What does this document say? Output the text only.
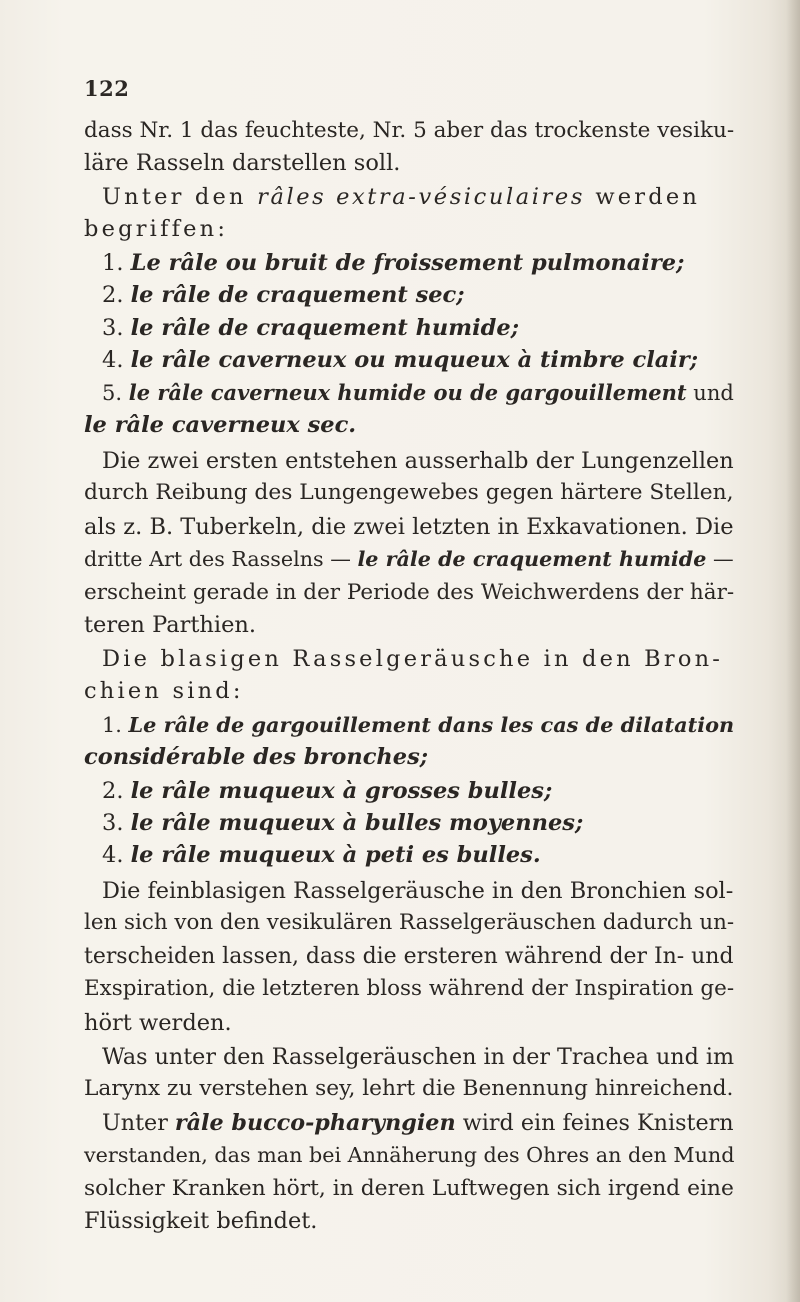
122
dass Nr. 1 das feuchteste, Nr. 5 aber das trockenste vesiku-
läre Rasseln darstellen soll.
Unter den râles extra-vésiculaires werden
begriffen:
1. Le râle ou bruit de froissement pulmonaire;
2. le râle de craquement sec;
3. le râle de craquement humide;
4. le râle caverneux ou muqueux à timbre clair;
5. le râle caverneux humide ou de gargouillement und
le râle caverneux sec.
Die zwei ersten entstehen ausserhalb der Lungenzellen
durch Reibung des Lungengewebes gegen härtere Stellen,
als z. B. Tuberkeln, die zwei letzten in Exkavationen. Die
dritte Art des Rasselns — le râle de craquement humide —
erscheint gerade in der Periode des Weichwerdens der här-
teren Parthien.
Die blasigen Rasselgeräusche in den Bron-
chien sind:
1. Le râle de gargouillement dans les cas de dilatation
considérable des bronches;
2. le râle muqueux à grosses bulles;
3. le râle muqueux à bulles moyennes;
4. le râle muqueux à peti es bulles.
Die feinblasigen Rasselgeräusche in den Bronchien sol-
len sich von den vesikulären Rasselgeräuschen dadurch un-
terscheiden lassen, dass die ersteren während der In- und
Exspiration, die letzteren bloss während der Inspiration ge-
hört werden.
Was unter den Rasselgeräuschen in der Trachea und im
Larynx zu verstehen sey, lehrt die Benennung hinreichend.
Unter râle bucco-pharyngien wird ein feines Knistern
verstanden, das man bei Annäherung des Ohres an den Mund
solcher Kranken hört, in deren Luftwegen sich irgend eine
Flüssigkeit befindet.
